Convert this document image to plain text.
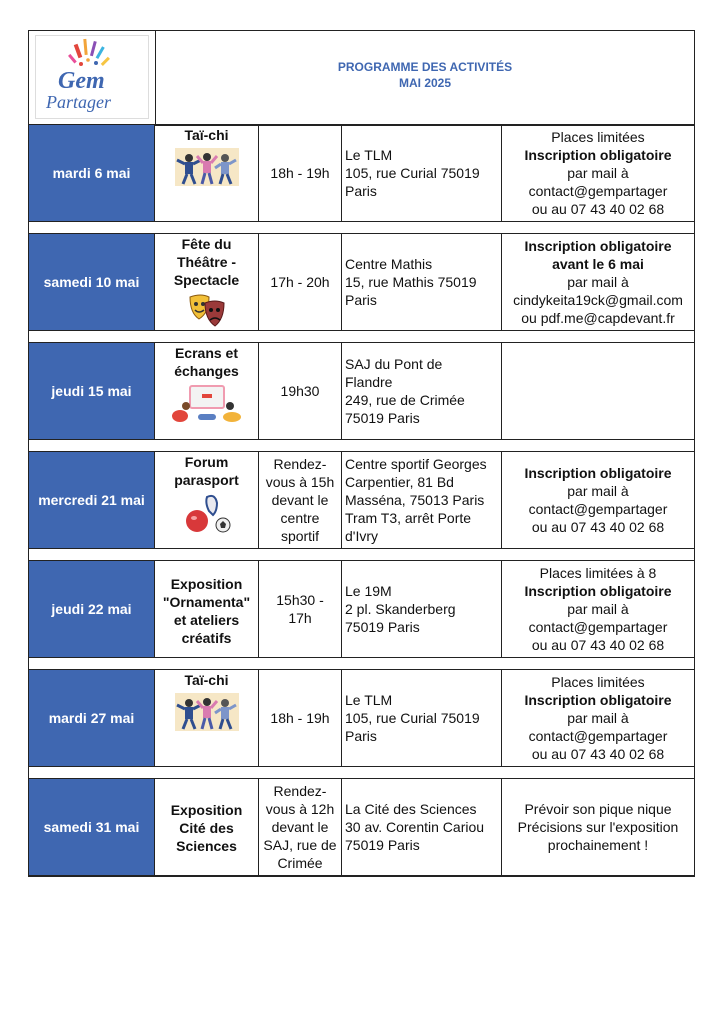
Gem
Partager
PROGRAMME DES ACTIVITÉS
MAI 2025
mardi 6 mai
Taï-chi
18h - 19h
Le TLM
105, rue Curial 75019
Paris
Places limitées
Inscription obligatoire
par mail à
contact@gempartager
ou au 07 43 40 02 68
samedi 10 mai
Fête du
Théâtre -
Spectacle	17h - 20h
Centre Mathis
15, rue Mathis 75019
Paris
Inscription obligatoire
avant le 6 mai
par mail à
cindykeita19ck@gmail.com
ou pdf.me@capdevant.fr
jeudi 15 mai
Ecrans et
échanges
19h30
SAJ du Pont de
Flandre
249, rue de Crimée
75019 Paris
mercredi 21 mai
Forum
parasport
Rendez-
vous à 15h
devant le
centre
sportif
Centre sportif Georges
Carpentier, 81 Bd
Masséna, 75013 Paris
Tram T3, arrêt Porte
d'Ivry
Inscription obligatoire
par mail à
contact@gempartager
ou au 07 43 40 02 68
jeudi 22 mai
Exposition
"Ornamenta"
et ateliers
créatifs
15h30 -
17h
Le 19M
2 pl. Skanderberg
75019 Paris
Places limitées à 8
Inscription obligatoire
par mail à
contact@gempartager
ou au 07 43 40 02 68
mardi 27 mai
Taï-chi
18h - 19h
Le TLM
105, rue Curial 75019
Paris
Places limitées
Inscription obligatoire
par mail à
contact@gempartager
ou au 07 43 40 02 68
samedi 31 mai
Exposition
Cité des
Sciences
Rendez-
vous à 12h
devant le
SAJ, rue de
Crimée
La Cité des Sciences
30 av. Corentin Cariou
75019 Paris
Prévoir son pique nique
Précisions sur l'exposition
prochainement !
